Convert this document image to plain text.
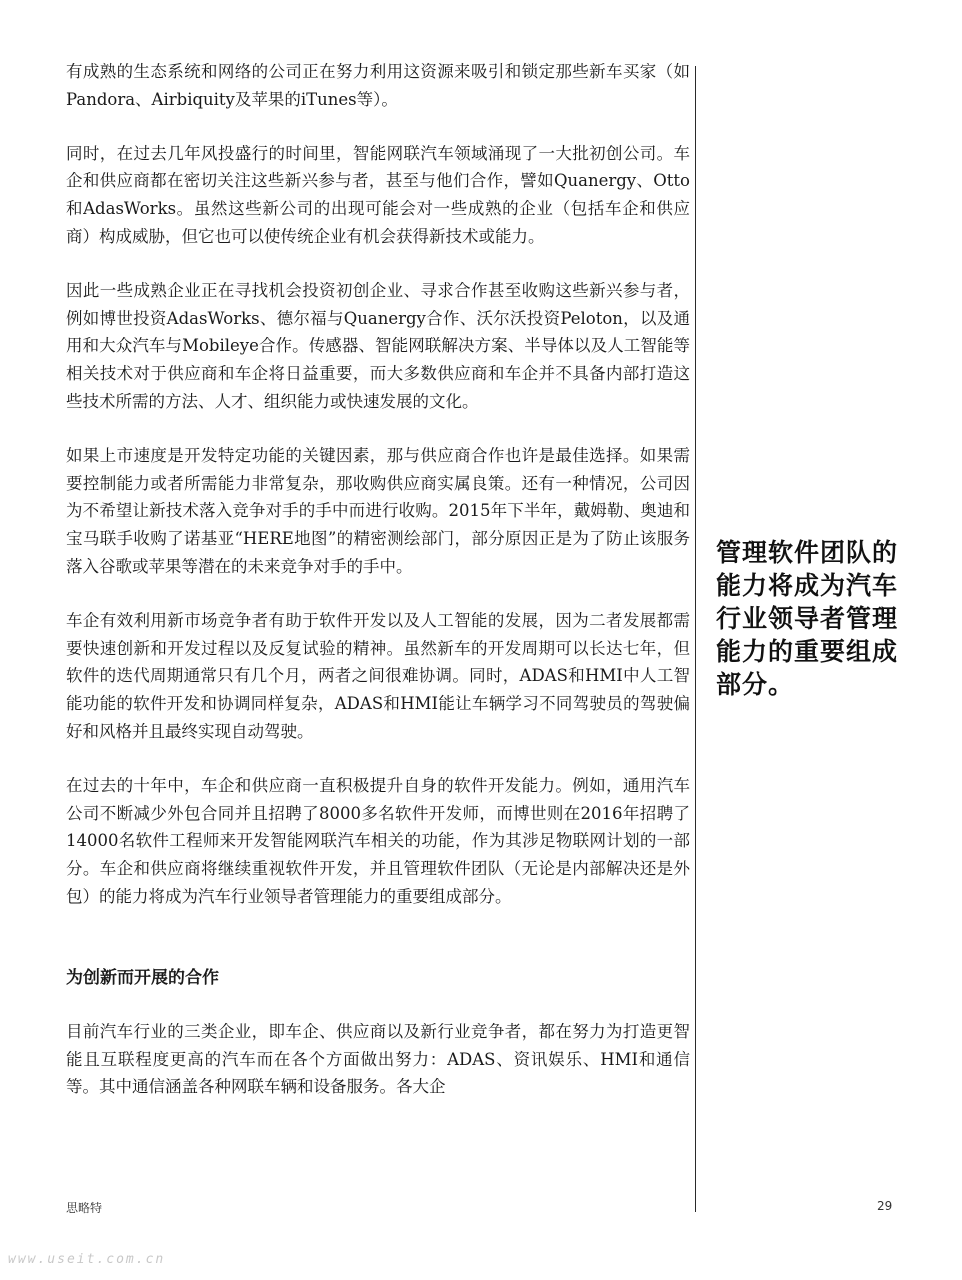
有成熟的生态系统和网络的公司正在努力利用这资源来吸引和锁定那些新车买家（如Pandora、Airbiquity及苹果的iTunes等）。

同时，在过去几年风投盛行的时间里，智能网联汽车领域涌现了一大批初创公司。车企和供应商都在密切关注这些新兴参与者，甚至与他们合作，譬如Quanergy、Otto和AdasWorks。虽然这些新公司的出现可能会对一些成熟的企业（包括车企和供应商）构成威胁，但它也可以使传统企业有机会获得新技术或能力。

因此一些成熟企业正在寻找机会投资初创企业、寻求合作甚至收购这些新兴参与者，例如博世投资AdasWorks、德尔福与Quanergy合作、沃尔沃投资Peloton，以及通用和大众汽车与Mobileye合作。传感器、智能网联解决方案、半导体以及人工智能等相关技术对于供应商和车企将日益重要，而大多数供应商和车企并不具备内部打造这些技术所需的方法、人才、组织能力或快速发展的文化。

如果上市速度是开发特定功能的关键因素，那与供应商合作也许是最佳选择。如果需要控制能力或者所需能力非常复杂，那收购供应商实属良策。还有一种情况，公司因为不希望让新技术落入竞争对手的手中而进行收购。2015年下半年，戴姆勒、奥迪和宝马联手收购了诺基亚“HERE地图”的精密测绘部门，部分原因正是为了防止该服务落入谷歌或苹果等潜在的未来竞争对手的手中。

车企有效利用新市场竞争者有助于软件开发以及人工智能的发展，因为二者发展都需要快速创新和开发过程以及反复试验的精神。虽然新车的开发周期可以长达七年，但软件的迭代周期通常只有几个月，两者之间很难协调。同时，ADAS和HMI中人工智能功能的软件开发和协调同样复杂，ADAS和HMI能让车辆学习不同驾驶员的驾驶偏好和风格并且最终实现自动驾驶。

在过去的十年中，车企和供应商一直积极提升自身的软件开发能力。例如，通用汽车公司不断减少外包合同并且招聘了8000多名软件开发师，而博世则在2016年招聘了14000名软件工程师来开发智能网联汽车相关的功能，作为其涉足物联网计划的一部分。车企和供应商将继续重视软件开发，并且管理软件团队（无论是内部解决还是外包）的能力将成为汽车行业领导者管理能力的重要组成部分。

为创新而开展的合作

目前汽车行业的三类企业，即车企、供应商以及新行业竞争者，都在努力为打造更智能且互联程度更高的汽车而在各个方面做出努力：ADAS、资讯娱乐、HMI和通信等。其中通信涵盖各种网联车辆和设备服务。各大企

管理软件团队的能力将成为汽车行业领导者管理能力的重要组成部分。
思略特	29
www.useit.com.cn
